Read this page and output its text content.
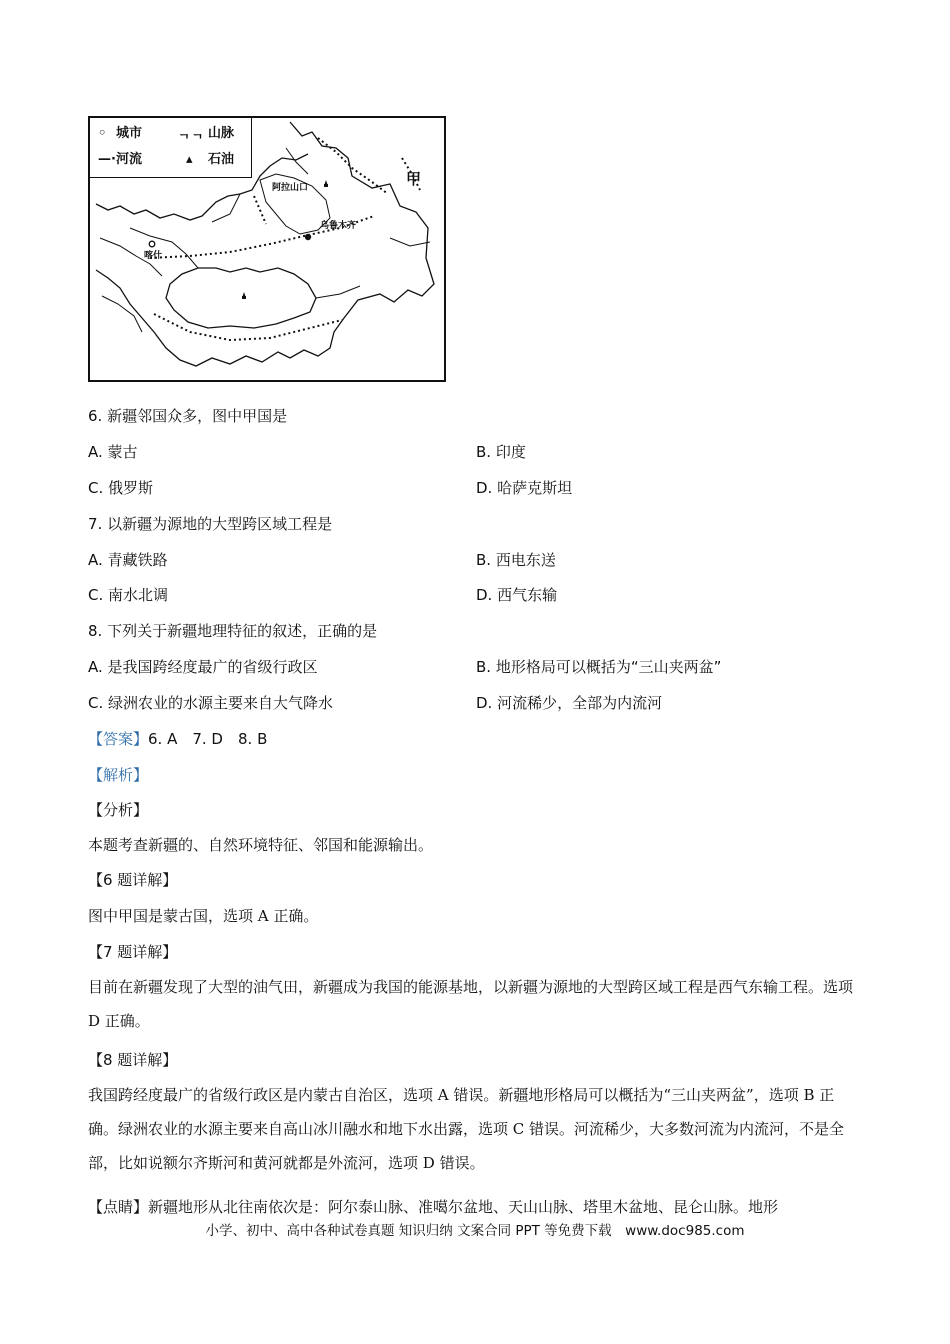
◦ 城市	ᆨᆨ 山脉
—· 河流	▴ 石油
甲
阿拉山口
乌鲁木齐
喀什
6. 新疆邻国众多，图中甲国是
A. 蒙古	B. 印度
C. 俄罗斯	D. 哈萨克斯坦
7. 以新疆为源地的大型跨区域工程是
A. 青藏铁路	B. 西电东送
C. 南水北调	D. 西气东输
8. 下列关于新疆地理特征的叙述，正确的是
A. 是我国跨经度最广的省级行政区	B. 地形格局可以概括为“三山夹两盆”
C. 绿洲农业的水源主要来自大气降水	D. 河流稀少，全部为内流河
【答案】6. A　7. D　8. B
【解析】
【分析】
本题考查新疆的、自然环境特征、邻国和能源输出。
【6 题详解】
图中甲国是蒙古国，选项 A 正确。
【7 题详解】
目前在新疆发现了大型的油气田，新疆成为我国的能源基地，以新疆为源地的大型跨区域工程是西气东输工程。选项 D 正确。
【8 题详解】
我国跨经度最广的省级行政区是内蒙古自治区，选项 A 错误。新疆地形格局可以概括为“三山夹两盆”，选项 B 正确。绿洲农业的水源主要来自高山冰川融水和地下水出露，选项 C 错误。河流稀少，大多数河流为内流河，不是全部，比如说额尔齐斯河和黄河就都是外流河，选项 D 错误。
【点睛】新疆地形从北往南依次是：阿尔泰山脉、准噶尔盆地、天山山脉、塔里木盆地、昆仑山脉。地形
小学、初中、高中各种试卷真题 知识归纳 文案合同 PPT 等免费下载　www.doc985.com
